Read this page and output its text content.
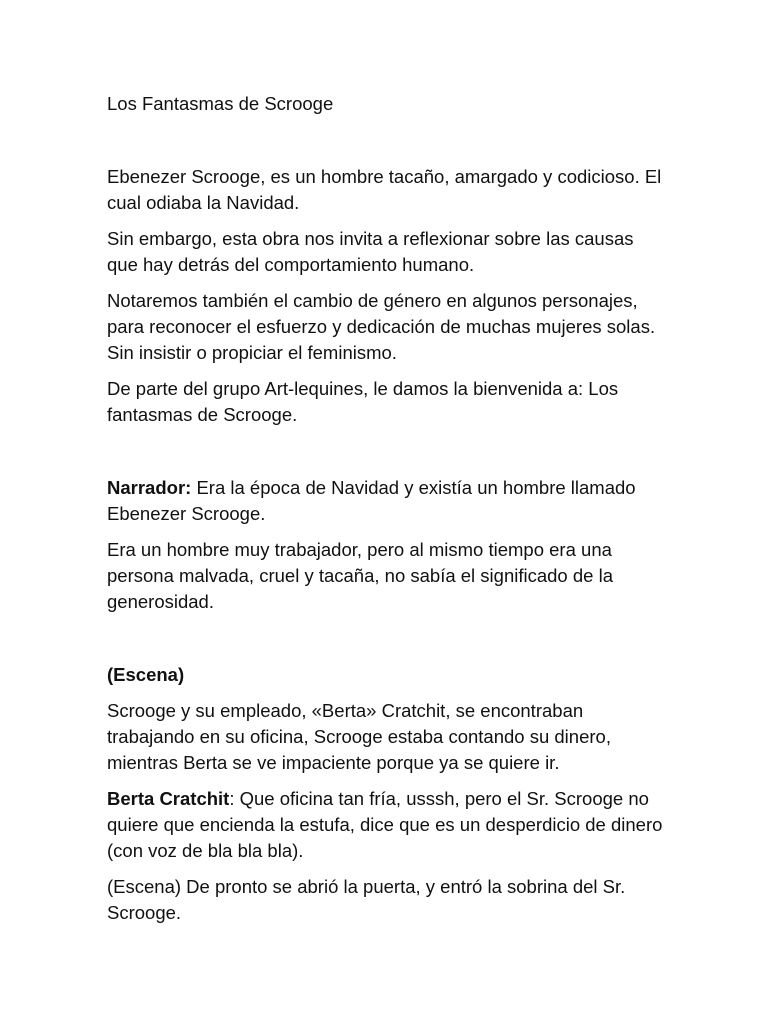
Los Fantasmas de Scrooge

Ebenezer Scrooge, es un hombre tacaño, amargado y codicioso. El cual odiaba la Navidad.

Sin embargo, esta obra nos invita a reflexionar sobre las causas que hay detrás del comportamiento humano.

Notaremos también el cambio de género en algunos personajes, para reconocer el esfuerzo y dedicación de muchas mujeres solas. Sin insistir o propiciar el feminismo.

De parte del grupo Art-lequines, le damos la bienvenida a: Los fantasmas de Scrooge.

Narrador: Era la época de Navidad y existía un hombre llamado Ebenezer Scrooge.

Era un hombre muy trabajador, pero al mismo tiempo era una persona malvada, cruel y tacaña, no sabía el significado de la generosidad.

(Escena)

Scrooge y su empleado, «Berta» Cratchit, se encontraban trabajando en su oficina, Scrooge estaba contando su dinero, mientras Berta se ve impaciente porque ya se quiere ir.

Berta Cratchit: Que oficina tan fría, usssh, pero el Sr. Scrooge no quiere que encienda la estufa, dice que es un desperdicio de dinero (con voz de bla bla bla).

(Escena) De pronto se abrió la puerta, y entró la sobrina del Sr. Scrooge.
